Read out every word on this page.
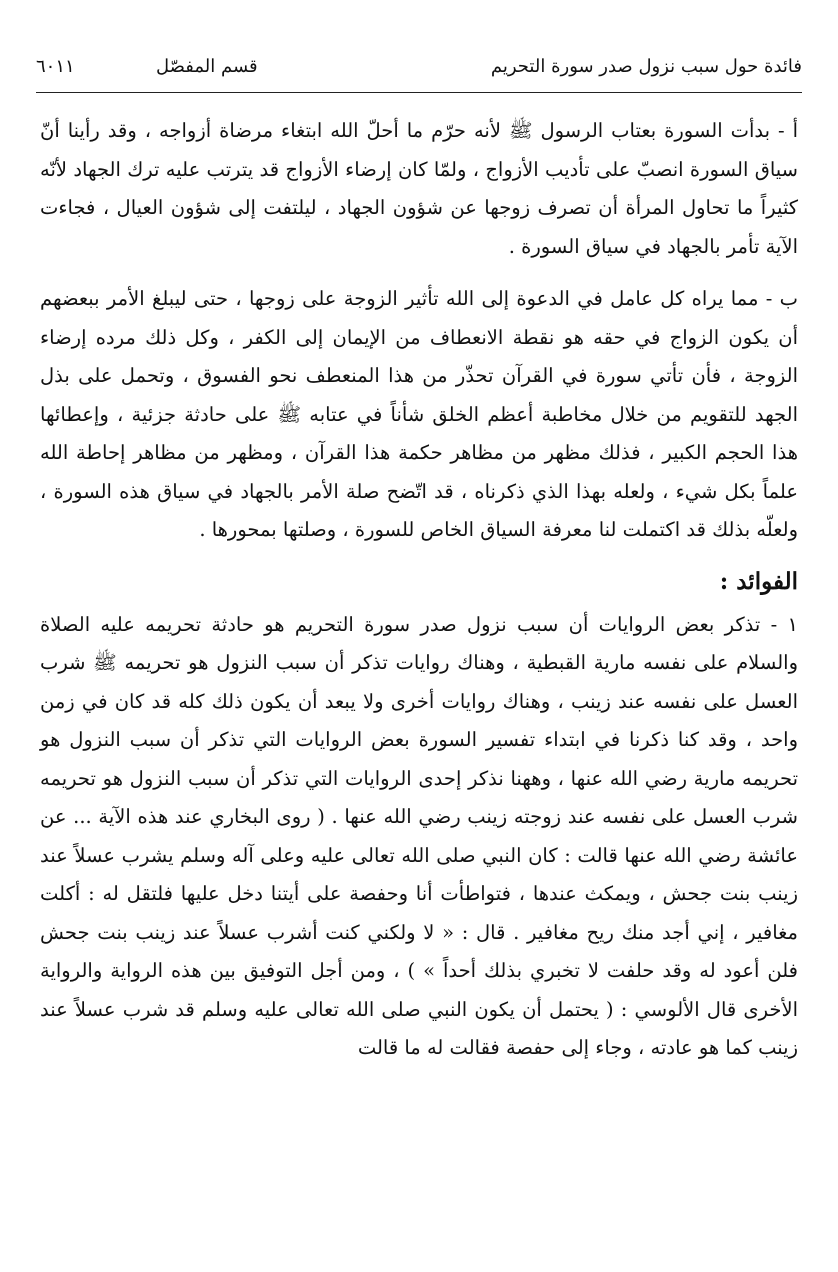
فائدة حول سبب نزول صدر سورة التحريم
قسم المفصّل
٦٠١١

أ - بدأت السورة بعتاب الرسول ﷺ لأنه حرّم ما أحلّ الله ابتغاء مرضاة أزواجه ، وقد رأينا أنّ سياق السورة انصبّ على تأديب الأزواج ، ولمّا كان إرضاء الأزواج قد يترتب عليه ترك الجهاد لأنّه كثيراً ما تحاول المرأة أن تصرف زوجها عن شؤون الجهاد ، ليلتفت إلى شؤون العيال ، فجاءت الآية تأمر بالجهاد في سياق السورة .

ب - مما يراه كل عامل في الدعوة إلى الله تأثير الزوجة على زوجها ، حتى ليبلغ الأمر ببعضهم أن يكون الزواج في حقه هو نقطة الانعطاف من الإيمان إلى الكفر ، وكل ذلك مرده إرضاء الزوجة ، فأن تأتي سورة في القرآن تحذّر من هذا المنعطف نحو الفسوق ، وتحمل على بذل الجهد للتقويم من خلال مخاطبة أعظم الخلق شأناً في عتابه ﷺ على حادثة جزئية ، وإعطائها هذا الحجم الكبير ، فذلك مظهر من مظاهر حكمة هذا القرآن ، ومظهر من مظاهر إحاطة الله علماً بكل شيء ، ولعله بهذا الذي ذكرناه ، قد اتّضح صلة الأمر بالجهاد في سياق هذه السورة ، ولعلّه بذلك قد اكتملت لنا معرفة السياق الخاص للسورة ، وصلتها بمحورها .

الفوائد :

١ - تذكر بعض الروايات أن سبب نزول صدر سورة التحريم هو حادثة تحريمه عليه الصلاة والسلام على نفسه مارية القبطية ، وهناك روايات تذكر أن سبب النزول هو تحريمه ﷺ شرب العسل على نفسه عند زينب ، وهناك روايات أخرى ولا يبعد أن يكون ذلك كله قد كان في زمن واحد ، وقد كنا ذكرنا في ابتداء تفسير السورة بعض الروايات التي تذكر أن سبب النزول هو تحريمه مارية رضي الله عنها ، وههنا نذكر إحدى الروايات التي تذكر أن سبب النزول هو تحريمه شرب العسل على نفسه عند زوجته زينب رضي الله عنها . ( روى البخاري عند هذه الآية ... عن عائشة رضي الله عنها قالت : كان النبي صلى الله تعالى عليه وعلى آله وسلم يشرب عسلاً عند زينب بنت جحش ، ويمكث عندها ، فتواطأت أنا وحفصة على أيتنا دخل عليها فلتقل له : أكلت مغافير ، إني أجد منك ريح مغافير . قال : « لا ولكني كنت أشرب عسلاً عند زينب بنت جحش فلن أعود له وقد حلفت لا تخبري بذلك أحداً » ) ، ومن أجل التوفيق بين هذه الرواية والرواية الأخرى قال الألوسي : ( يحتمل أن يكون النبي صلى الله تعالى عليه وسلم قد شرب عسلاً عند زينب كما هو عادته ، وجاء إلى حفصة فقالت له ما قالت
